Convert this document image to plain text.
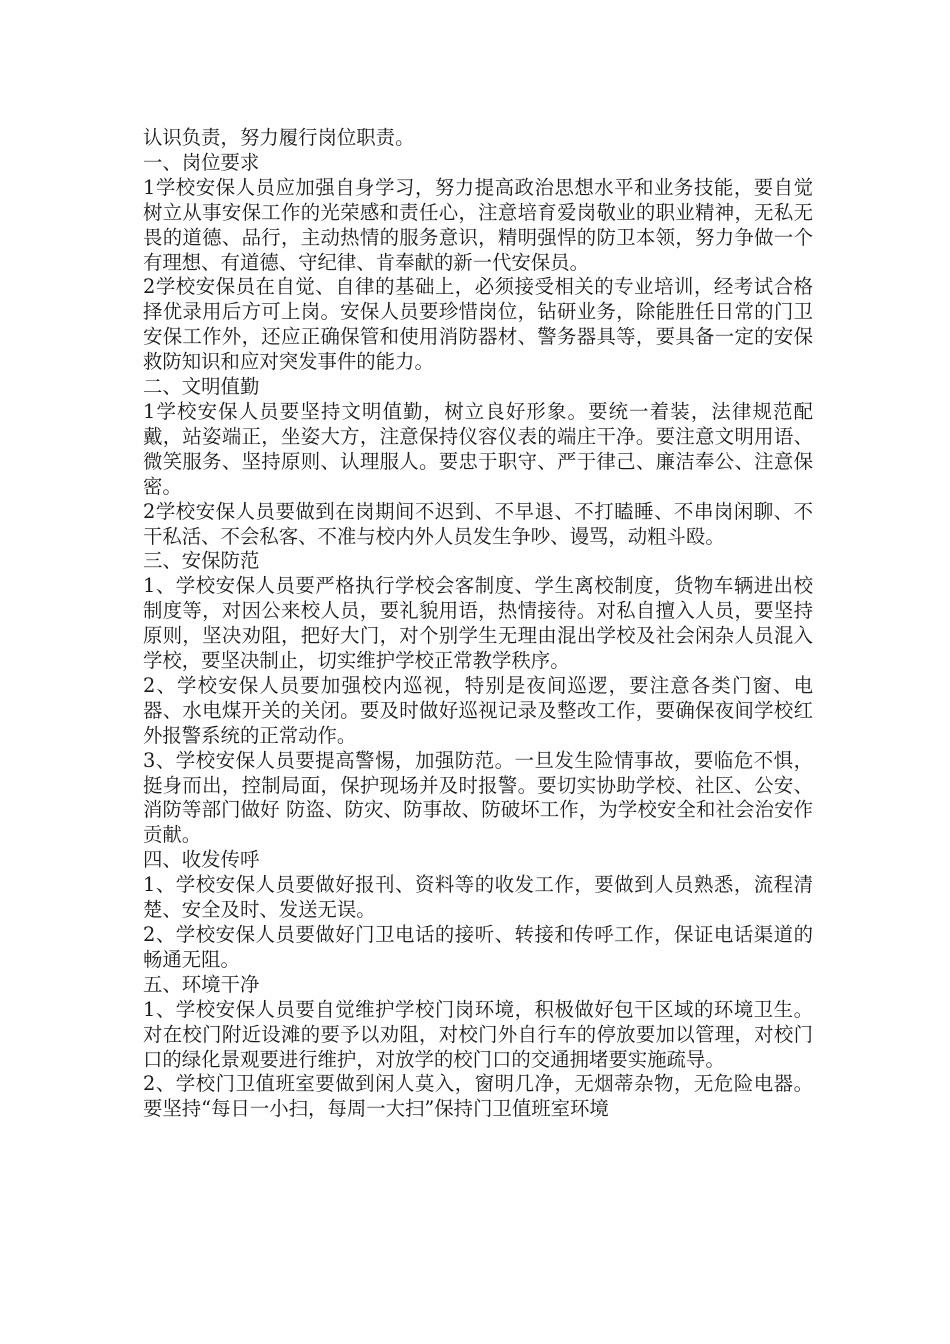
认识负责，努力履行岗位职责。

一、岗位要求

1学校安保人员应加强自身学习，努力提高政治思想水平和业务技能，要自觉树立从事安保工作的光荣感和责任心，注意培育爱岗敬业的职业精神，无私无畏的道德、品行，主动热情的服务意识，精明强悍的防卫本领，努力争做一个有理想、有道德、守纪律、肯奉献的新一代安保员。

2学校安保员在自觉、自律的基础上，必须接受相关的专业培训，经考试合格择优录用后方可上岗。安保人员要珍惜岗位，钻研业务，除能胜任日常的门卫安保工作外，还应正确保管和使用消防器材、警务器具等，要具备一定的安保救防知识和应对突发事件的能力。

二、文明值勤

1学校安保人员要坚持文明值勤，树立良好形象。要统一着装，法律规范配戴，站姿端正，坐姿大方，注意保持仪容仪表的端庄干净。要注意文明用语、微笑服务、坚持原则、认理服人。要忠于职守、严于律己、廉洁奉公、注意保密。

2学校安保人员要做到在岗期间不迟到、不早退、不打瞌睡、不串岗闲聊、不干私活、不会私客、不准与校内外人员发生争吵、谩骂，动粗斗殴。

三、安保防范

1、学校安保人员要严格执行学校会客制度、学生离校制度，货物车辆进出校制度等，对因公来校人员，要礼貌用语，热情接待。对私自擅入人员，要坚持原则，坚决劝阻，把好大门，对个别学生无理由混出学校及社会闲杂人员混入学校，要坚决制止，切实维护学校正常教学秩序。

2、学校安保人员要加强校内巡视，特别是夜间巡逻，要注意各类门窗、电器、水电煤开关的关闭。要及时做好巡视记录及整改工作，要确保夜间学校红外报警系统的正常动作。

3、学校安保人员要提高警惕，加强防范。一旦发生险情事故，要临危不惧，挺身而出，控制局面，保护现场并及时报警。要切实协助学校、社区、公安、消防等部门做好 防盗、防灾、防事故、防破坏工作，为学校安全和社会治安作贡献。

四、收发传呼

1、学校安保人员要做好报刊、资料等的收发工作，要做到人员熟悉，流程清楚、安全及时、发送无误。

2、学校安保人员要做好门卫电话的接听、转接和传呼工作，保证电话渠道的畅通无阻。

五、环境干净

1、学校安保人员要自觉维护学校门岗环境，积极做好包干区域的环境卫生。对在校门附近设滩的要予以劝阻，对校门外自行车的停放要加以管理，对校门口的绿化景观要进行维护，对放学的校门口的交通拥堵要实施疏导。

2、学校门卫值班室要做到闲人莫入，窗明几净，无烟蒂杂物，无危险电器。要坚持“每日一小扫，每周一大扫”保持门卫值班室环境
